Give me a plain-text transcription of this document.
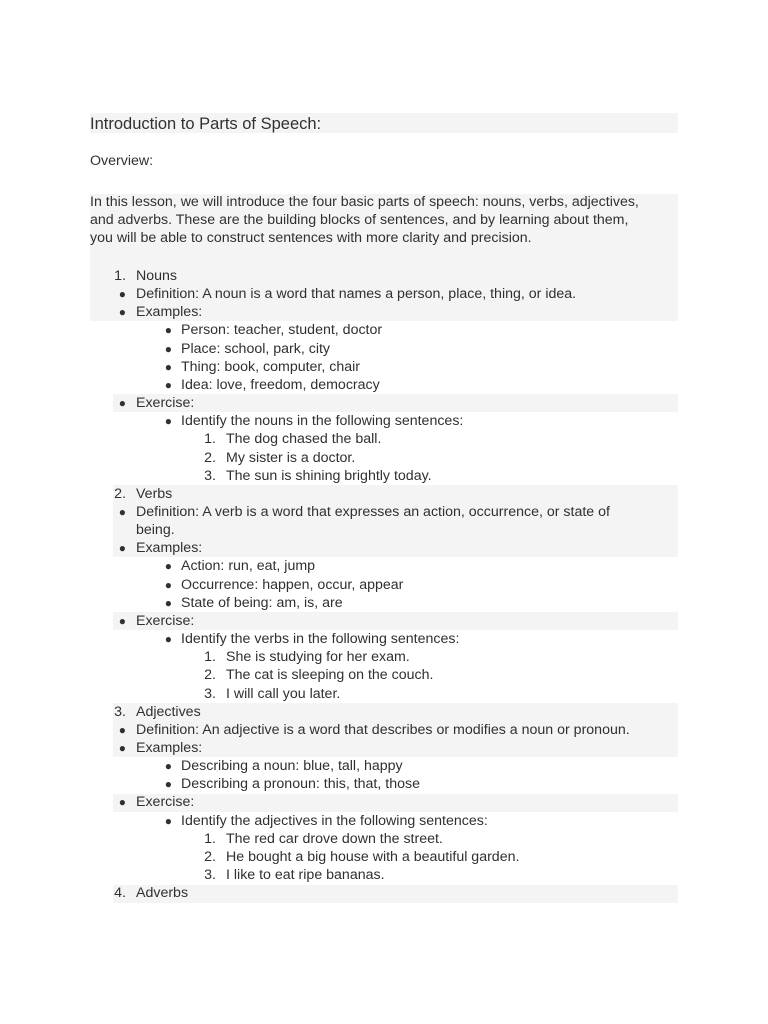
Introduction to Parts of Speech:
Overview:
In this lesson, we will introduce the four basic parts of speech: nouns, verbs, adjectives,
and adverbs. These are the building blocks of sentences, and by learning about them,
you will be able to construct sentences with more clarity and precision.
1. Nouns
● Definition: A noun is a word that names a person, place, thing, or idea.
● Examples:
● Person: teacher, student, doctor
● Place: school, park, city
● Thing: book, computer, chair
● Idea: love, freedom, democracy
● Exercise:
● Identify the nouns in the following sentences:
1. The dog chased the ball.
2. My sister is a doctor.
3. The sun is shining brightly today.
2. Verbs
● Definition: A verb is a word that expresses an action, occurrence, or state of
being.
● Examples:
● Action: run, eat, jump
● Occurrence: happen, occur, appear
● State of being: am, is, are
● Exercise:
● Identify the verbs in the following sentences:
1. She is studying for her exam.
2. The cat is sleeping on the couch.
3. I will call you later.
3. Adjectives
● Definition: An adjective is a word that describes or modifies a noun or pronoun.
● Examples:
● Describing a noun: blue, tall, happy
● Describing a pronoun: this, that, those
● Exercise:
● Identify the adjectives in the following sentences:
1. The red car drove down the street.
2. He bought a big house with a beautiful garden.
3. I like to eat ripe bananas.
4. Adverbs
